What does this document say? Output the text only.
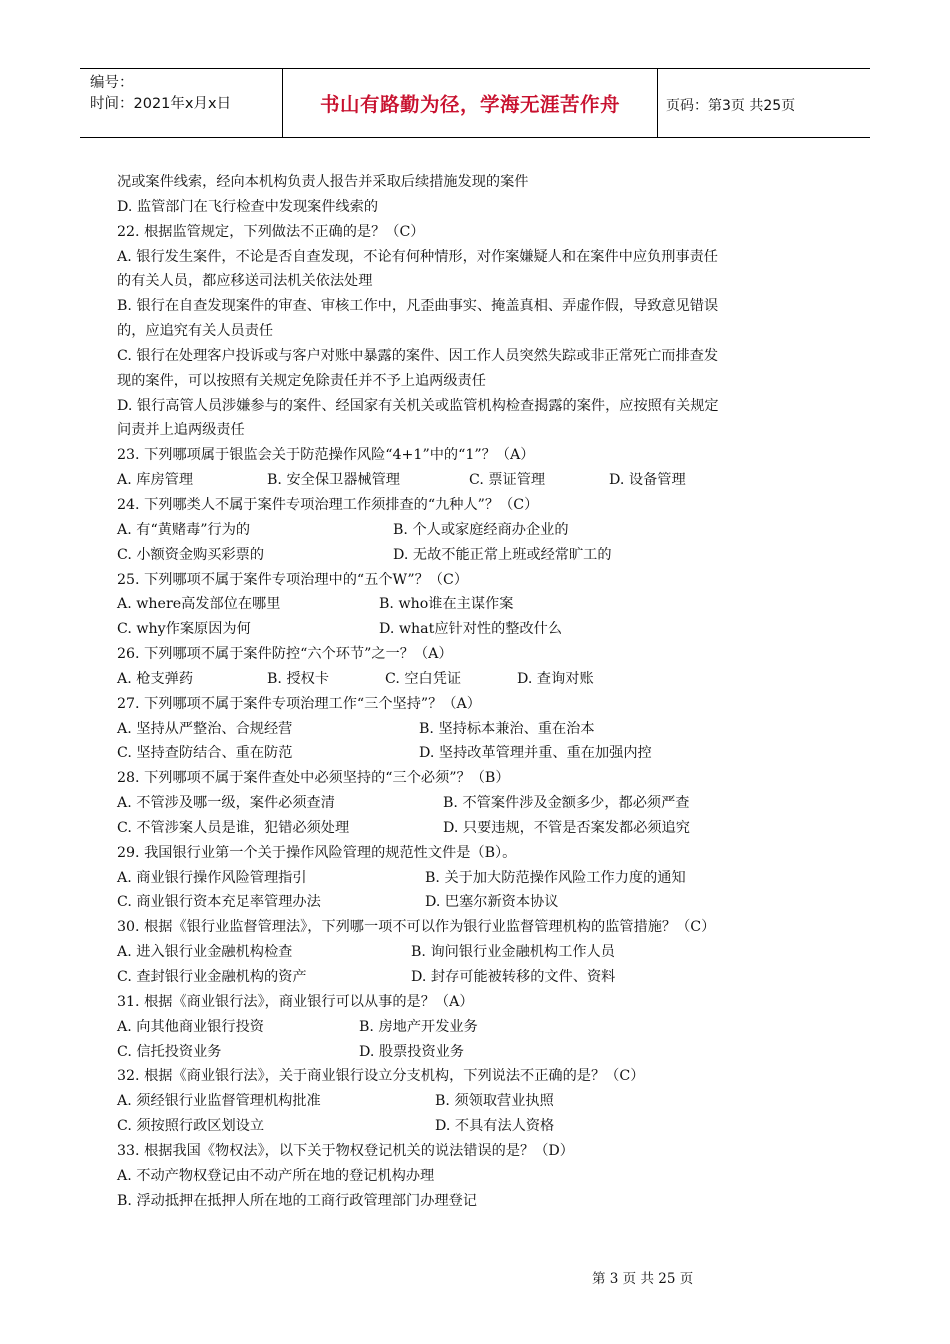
编号：
时间：2021年x月x日	书山有路勤为径，学海无涯苦作舟	页码：第3页 共25页
况或案件线索，经向本机构负责人报告并采取后续措施发现的案件
D. 监管部门在飞行检查中发现案件线索的
22. 根据监管规定，下列做法不正确的是？（C）
A. 银行发生案件，不论是否自查发现，不论有何种情形，对作案嫌疑人和在案件中应负刑事责任
的有关人员，都应移送司法机关依法处理
B. 银行在自查发现案件的审查、审核工作中，凡歪曲事实、掩盖真相、弄虚作假，导致意见错误
的，应追究有关人员责任
C. 银行在处理客户投诉或与客户对账中暴露的案件、因工作人员突然失踪或非正常死亡而排查发
现的案件，可以按照有关规定免除责任并不予上追两级责任
D. 银行高管人员涉嫌参与的案件、经国家有关机关或监管机构检查揭露的案件，应按照有关规定
问责并上追两级责任
23. 下列哪项属于银监会关于防范操作风险“4+1”中的“1”？（A）
A. 库房管理	B. 安全保卫器械管理	C. 票证管理	D. 设备管理
24. 下列哪类人不属于案件专项治理工作须排查的“九种人”？（C）
A. 有“黄赌毒”行为的	B. 个人或家庭经商办企业的
C. 小额资金购买彩票的	D. 无故不能正常上班或经常旷工的
25. 下列哪项不属于案件专项治理中的“五个W”？（C）
A. where高发部位在哪里	B. who谁在主谋作案
C. why作案原因为何	D. what应针对性的整改什么
26. 下列哪项不属于案件防控“六个环节”之一？（A）
A. 枪支弹药	B. 授权卡	C. 空白凭证	D. 查询对账
27. 下列哪项不属于案件专项治理工作“三个坚持”？（A）
A. 坚持从严整治、合规经营	B. 坚持标本兼治、重在治本
C. 坚持查防结合、重在防范	D. 坚持改革管理并重、重在加强内控
28. 下列哪项不属于案件查处中必须坚持的“三个必须”？（B）
A. 不管涉及哪一级，案件必须查清	B. 不管案件涉及金额多少，都必须严查
C. 不管涉案人员是谁，犯错必须处理	D. 只要违规，不管是否案发都必须追究
29. 我国银行业第一个关于操作风险管理的规范性文件是（B）。
A. 商业银行操作风险管理指引	B. 关于加大防范操作风险工作力度的通知
C. 商业银行资本充足率管理办法	D. 巴塞尔新资本协议
30. 根据《银行业监督管理法》，下列哪一项不可以作为银行业监督管理机构的监管措施？（C）
A. 进入银行业金融机构检查	B. 询问银行业金融机构工作人员
C. 查封银行业金融机构的资产	D. 封存可能被转移的文件、资料
31. 根据《商业银行法》，商业银行可以从事的是？（A）
A. 向其他商业银行投资	B. 房地产开发业务
C. 信托投资业务	D. 股票投资业务
32. 根据《商业银行法》，关于商业银行设立分支机构，下列说法不正确的是？（C）
A. 须经银行业监督管理机构批准	B. 须领取营业执照
C. 须按照行政区划设立	D. 不具有法人资格
33. 根据我国《物权法》，以下关于物权登记机关的说法错误的是？（D）
A. 不动产物权登记由不动产所在地的登记机构办理
B. 浮动抵押在抵押人所在地的工商行政管理部门办理登记
第 3 页 共 25 页
